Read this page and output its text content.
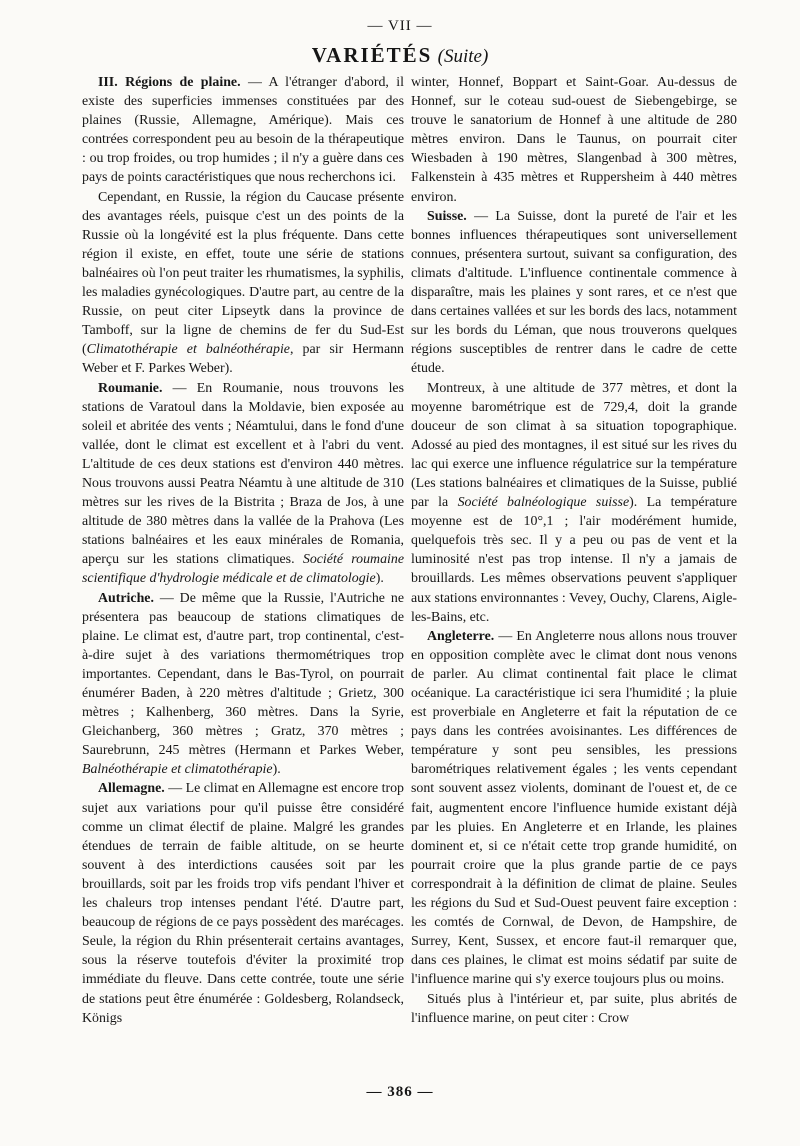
— VII —
VARIÉTÉS (Suite)

III. Régions de plaine. — A l'étranger d'abord, il existe des superficies immenses constituées par des plaines (Russie, Allemagne, Amérique). Mais ces contrées correspondent peu au besoin de la thérapeutique : ou trop froides, ou trop humides ; il n'y a guère dans ces pays de points caractéristiques que nous recherchons ici.

Cependant, en Russie, la région du Caucase présente des avantages réels, puisque c'est un des points de la Russie où la longévité est la plus fréquente. Dans cette région il existe, en effet, toute une série de stations balnéaires où l'on peut traiter les rhumatismes, la syphilis, les maladies gynécologiques. D'autre part, au centre de la Russie, on peut citer Lipseytk dans la province de Tamboff, sur la ligne de chemins de fer du Sud-Est (Climatothérapie et balnéothérapie, par sir Hermann Weber et F. Parkes Weber).

Roumanie. — En Roumanie, nous trouvons les stations de Varatoul dans la Moldavie, bien exposée au soleil et abritée des vents ; Néamtului, dans le fond d'une vallée, dont le climat est excellent et à l'abri du vent. L'altitude de ces deux stations est d'environ 440 mètres. Nous trouvons aussi Peatra Néamtu à une altitude de 310 mètres sur les rives de la Bistrita ; Braza de Jos, à une altitude de 380 mètres dans la vallée de la Prahova (Les stations balnéaires et les eaux minérales de Romania, aperçu sur les stations climatiques. Société roumaine scientifique d'hydrologie médicale et de climatologie).

Autriche. — De même que la Russie, l'Autriche ne présentera pas beaucoup de stations climatiques de plaine. Le climat est, d'autre part, trop continental, c'est-à-dire sujet à des variations thermométriques trop importantes. Cependant, dans le Bas-Tyrol, on pourrait énumérer Baden, à 220 mètres d'altitude ; Grietz, 300 mètres ; Kalhenberg, 360 mètres. Dans la Syrie, Gleichanberg, 360 mètres ; Gratz, 370 mètres ; Saurebrunn, 245 mètres (Hermann et Parkes Weber, Balnéothérapie et climatothérapie).

Allemagne. — Le climat en Allemagne est encore trop sujet aux variations pour qu'il puisse être considéré comme un climat électif de plaine. Malgré les grandes étendues de terrain de faible altitude, on se heurte souvent à des interdictions causées soit par les brouillards, soit par les froids trop vifs pendant l'hiver et les chaleurs trop intenses pendant l'été. D'autre part, beaucoup de régions de ce pays possèdent des marécages. Seule, la région du Rhin présenterait certains avantages, sous la réserve toutefois d'éviter la proximité trop immédiate du fleuve. Dans cette contrée, toute une série de stations peut être énumérée : Goldesberg, Rolandseck, Königs

winter, Honnef, Boppart et Saint-Goar. Au-dessus de Honnef, sur le coteau sud-ouest de Siebengebirge, se trouve le sanatorium de Honnef à une altitude de 280 mètres environ. Dans le Taunus, on pourrait citer Wiesbaden à 190 mètres, Slangenbad à 300 mètres, Falkenstein à 435 mètres et Ruppersheim à 440 mètres environ.

Suisse. — La Suisse, dont la pureté de l'air et les bonnes influences thérapeutiques sont universellement connues, présentera surtout, suivant sa configuration, des climats d'altitude. L'influence continentale commence à disparaître, mais les plaines y sont rares, et ce n'est que dans certaines vallées et sur les bords des lacs, notamment sur les bords du Léman, que nous trouverons quelques régions susceptibles de rentrer dans le cadre de cette étude.

Montreux, à une altitude de 377 mètres, et dont la moyenne barométrique est de 729,4, doit la grande douceur de son climat à sa situation topographique. Adossé au pied des montagnes, il est situé sur les rives du lac qui exerce une influence régulatrice sur la température (Les stations balnéaires et climatiques de la Suisse, publié par la Société balnéologique suisse). La température moyenne est de 10°,1 ; l'air modérément humide, quelquefois très sec. Il y a peu ou pas de vent et la luminosité n'est pas trop intense. Il n'y a jamais de brouillards. Les mêmes observations peuvent s'appliquer aux stations environnantes : Vevey, Ouchy, Clarens, Aigle-les-Bains, etc.

Angleterre. — En Angleterre nous allons nous trouver en opposition complète avec le climat dont nous venons de parler. Au climat continental fait place le climat océanique. La caractéristique ici sera l'humidité ; la pluie est proverbiale en Angleterre et fait la réputation de ce pays dans les contrées avoisinantes. Les différences de température y sont peu sensibles, les pressions barométriques relativement égales ; les vents cependant sont souvent assez violents, dominant de l'ouest et, de ce fait, augmentent encore l'influence humide existant déjà par les pluies. En Angleterre et en Irlande, les plaines dominent et, si ce n'était cette trop grande humidité, on pourrait croire que la plus grande partie de ce pays correspondrait à la définition de climat de plaine. Seules les régions du Sud et Sud-Ouest peuvent faire exception : les comtés de Cornwal, de Devon, de Hampshire, de Surrey, Kent, Sussex, et encore faut-il remarquer que, dans ces plaines, le climat est moins sédatif par suite de l'influence marine qui s'y exerce toujours plus ou moins.

Situés plus à l'intérieur et, par suite, plus abrités de l'influence marine, on peut citer : Crow

— 386 —
